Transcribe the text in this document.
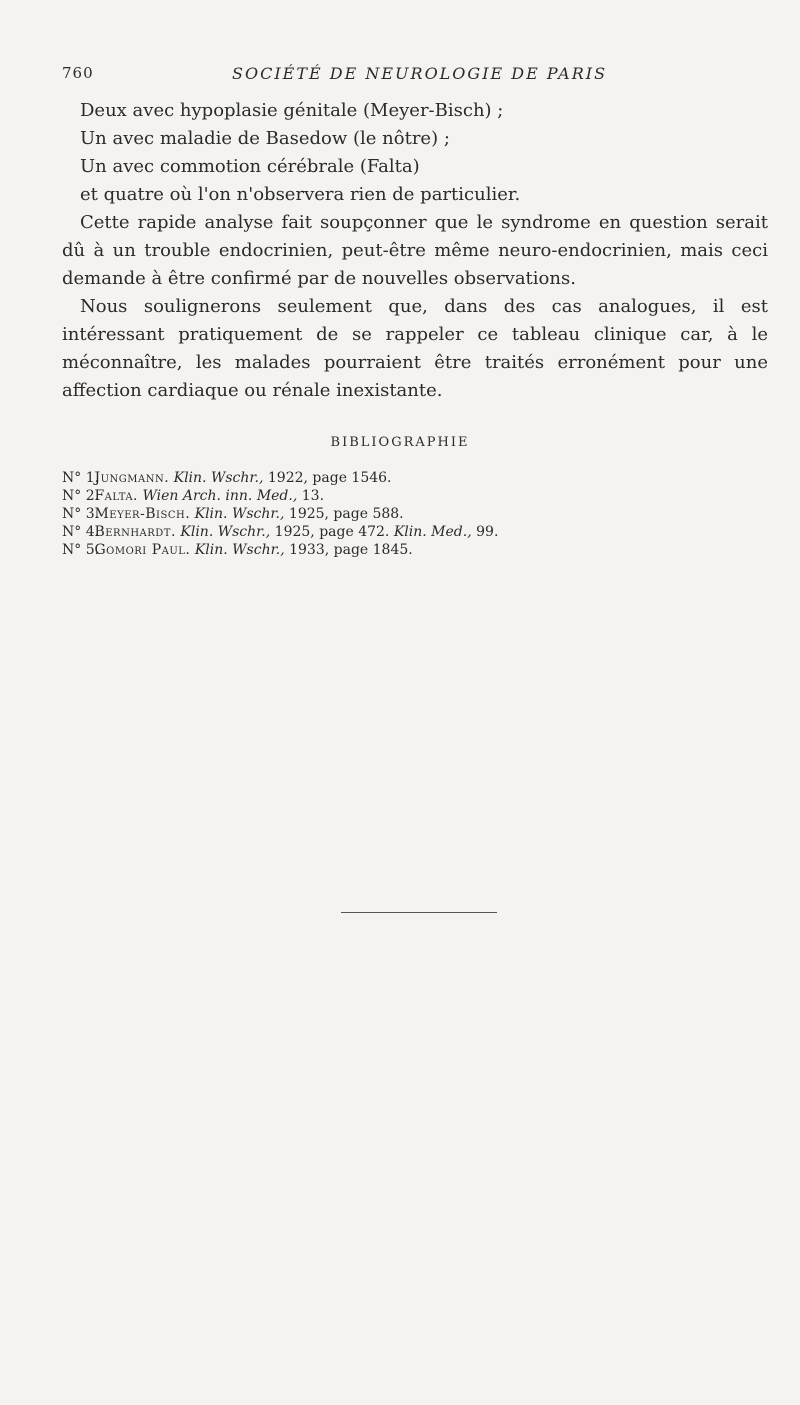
760	SOCIÉTÉ DE NEUROLOGIE DE PARIS

Deux avec hypoplasie génitale (Meyer-Bisch) ;

Un avec maladie de Basedow (le nôtre) ;

Un avec commotion cérébrale (Falta)

et quatre où l'on n'observera rien de particulier.

Cette rapide analyse fait soupçonner que le syndrome en question serait dû à un trouble endocrinien, peut-être même neuro-endocrinien, mais ceci demande à être confirmé par de nouvelles observations.

Nous soulignerons seulement que, dans des cas analogues, il est intéressant pratiquement de se rappeler ce tableau clinique car, à le méconnaître, les malades pourraient être traités erronément pour une affection cardiaque ou rénale inexistante.

BIBLIOGRAPHIE

N° 1. Jungmann. Klin. Wschr., 1922, page 1546.

N° 2. Falta. Wien Arch. inn. Med., 13.

N° 3. Meyer-Bisch. Klin. Wschr., 1925, page 588.

N° 4. Bernhardt. Klin. Wschr., 1925, page 472. Klin. Med., 99.

N° 5. Gomori Paul. Klin. Wschr., 1933, page 1845.
